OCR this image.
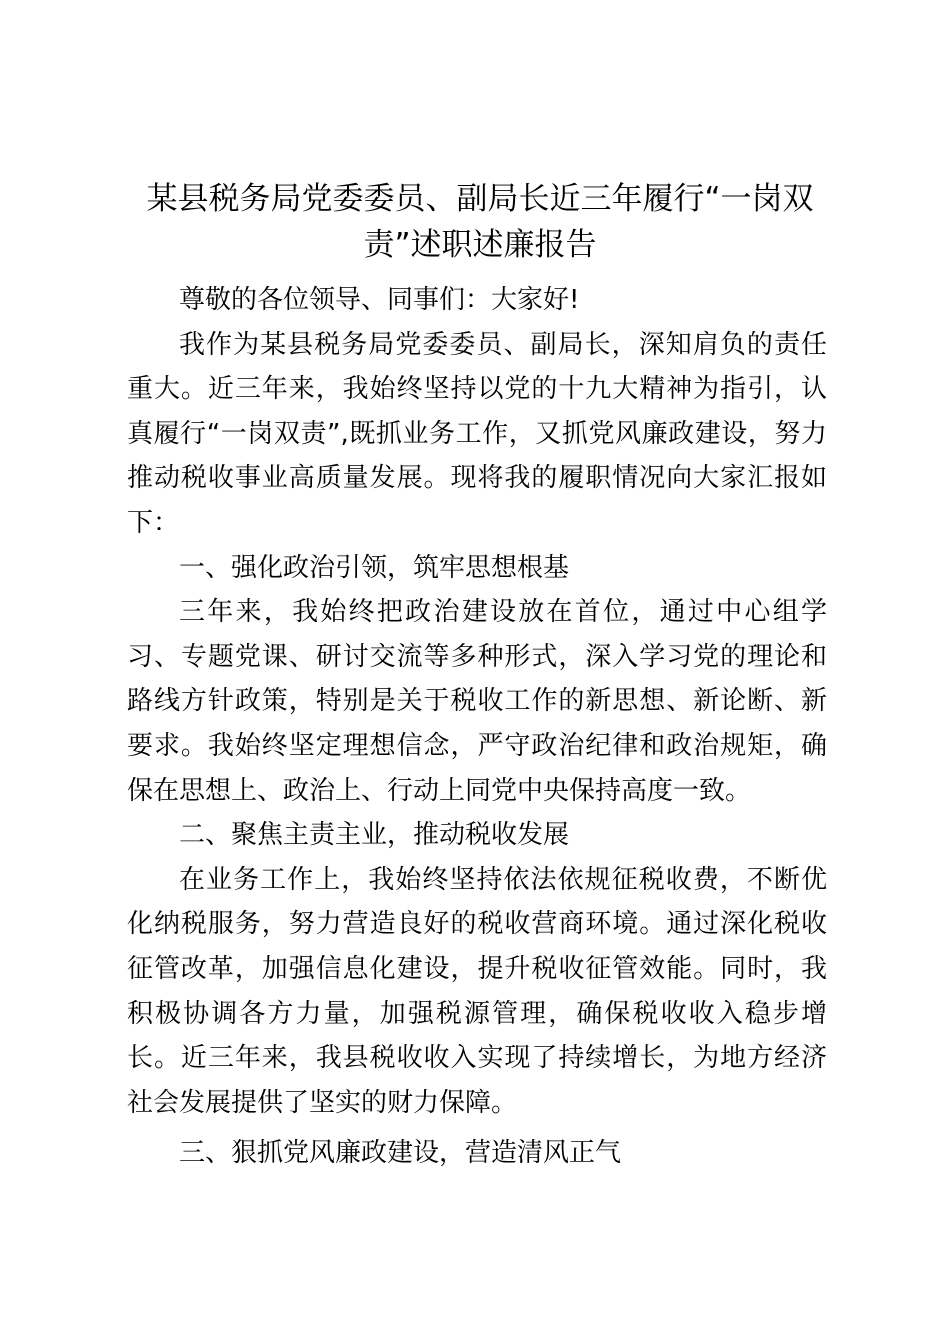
某县税务局党委委员、副局长近三年履行“一岗双责”述职述廉报告

尊敬的各位领导、同事们：大家好!

我作为某县税务局党委委员、副局长，深知肩负的责任重大。近三年来，我始终坚持以党的十九大精神为指引，认真履行“一岗双责”,既抓业务工作，又抓党风廉政建设，努力推动税收事业高质量发展。现将我的履职情况向大家汇报如下：

一、强化政治引领，筑牢思想根基

三年来，我始终把政治建设放在首位，通过中心组学习、专题党课、研讨交流等多种形式，深入学习党的理论和路线方针政策，特别是关于税收工作的新思想、新论断、新要求。我始终坚定理想信念，严守政治纪律和政治规矩，确保在思想上、政治上、行动上同党中央保持高度一致。

二、聚焦主责主业，推动税收发展

在业务工作上，我始终坚持依法依规征税收费，不断优化纳税服务，努力营造良好的税收营商环境。通过深化税收征管改革，加强信息化建设，提升税收征管效能。同时，我积极协调各方力量，加强税源管理，确保税收收入稳步增长。近三年来，我县税收收入实现了持续增长，为地方经济社会发展提供了坚实的财力保障。

三、狠抓党风廉政建设，营造清风正气
